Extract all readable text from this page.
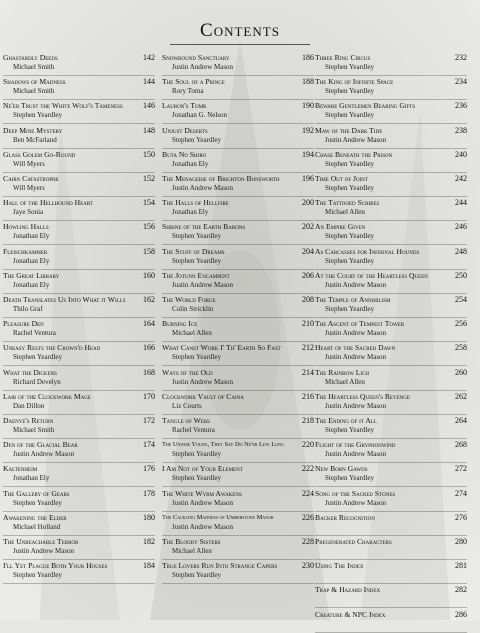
Contents
Ghastardly Deeds	142
Michael Smith
Shadows of Madness	144
Michael Smith
Ne'er Trust the White Wolf's Tameness	146
Stephen Yeardley
Deep Mine Mystery	148
Ben McFarland
Glass Golem Go-Round	150
Will Myers
Cairn Catastrophe	152
Will Myers
Hall of the Hellhound Heart	154
Jaye Sonia
Howling Halls	156
Jonathan Ely
Fleischkammer	158
Jonathan Ely
The Great Library	160
Jonathan Ely
Death Translates Us Into What it Wills	162
Thilo Graf
Pleasure Den	164
Rachel Ventura
Uneasy Rests the Crown'd Head	166
Stephen Yeardley
What the Dickens	168
Richard Develyn
Lair of the Clockwork Mage	170
Dan Dillon
Daenye's Return	172
Michael Smith
Den of the Glacial Bear	174
Justin Andrew Mason
Kaltenheim	176
Jonathan Ely
The Gallery of Gears	178
Stephen Yeardley
Awakening the Elder	180
Michael Holland
The Unreachable Terror	182
Justin Andrew Mason
I'll Yet Plague Both Your Houses	184
Stephen Yeardley
Snowbound Sanctuary	186
Justin Andrew Mason
The Soul of a Prince	188
Rory Toma
Lauron's Tomb	190
Jonathan G. Nelson
Unjust Deserts	192
Stephen Yeardley
Buta No Shiro	194
Jonathan Ely
The Menagerie of Brighton Bonsworth	196
Justin Andrew Mason
The Halls of Hellfire	200
Jonathan Ely
Shrine of the Earth Barons	202
Stephen Yeardley
The Stuff of Dreams	204
Stephen Yeardley
The Jotunn Encampent	206
Justin Andrew Mason
The World Forge	208
Colin Stricklin
Burning Ice	210
Michael Allen
What Canst Work I' Th' Earth So Fast	212
Stephen Yeardley
Ways of the Old	214
Justin Andrew Mason
Clockwork Vault of Caina	216
Liz Courts
Tangle of Webs	218
Rachel Ventura
The Unwise Young, They Say Do Ne'er Live Long	220
Stephen Yeardley
I Am Not of Your Element	222
Stephen Yeardley
The White Wyrm Awakens	224
Justin Andrew Mason
The Cackling Madness of Umberstone Manor	226
Justin Andrew Mason
The Bloody Sisters	228
Michael Allen
True Lovers Run Into Strange Capers	230
Stephen Yeardley
Three Ring Circus	232
Stephen Yeardley
The King of Infinite Space	234
Stephen Yeardley
Beware Gentlemen Bearing Gifts	236
Stephen Yeardley
Maw of the Dark Tide	238
Justin Andrew Mason
Chase Beneath the Prison	240
Stephen Yeardley
Time Out of Joint	242
Stephen Yeardley
The Tattooed Scribes	244
Michael Allen
An Empire Given	246
Stephen Yeardley
As Carcasses for Infernal Hounds	248
Stephen Yeardley
At the Court of the Heartless Queen	250
Justin Andrew Mason
The Temple of Annihilism	254
Stephen Yeardley
The Ascent of Tempest Tower	256
Justin Andrew Mason
Heart of the Sacred Dawn	258
Justin Andrew Mason
The Rainbow Lich	260
Michael Allen
The Heartless Queen's Revenge	262
Justin Andrew Mason
The Ending of it All	264
Stephen Yeardley
Flight of the Gryphonwind	268
Justin Andrew Mason
New Born Gawds	272
Stephen Yeardley
Song of the Sacred Stones	274
Justin Andrew Mason
Backer Recognition	276
Pregenerated Characters	280
Using The Index	281
Trap & Hazard Index	282
Creature & NPC Index	286
